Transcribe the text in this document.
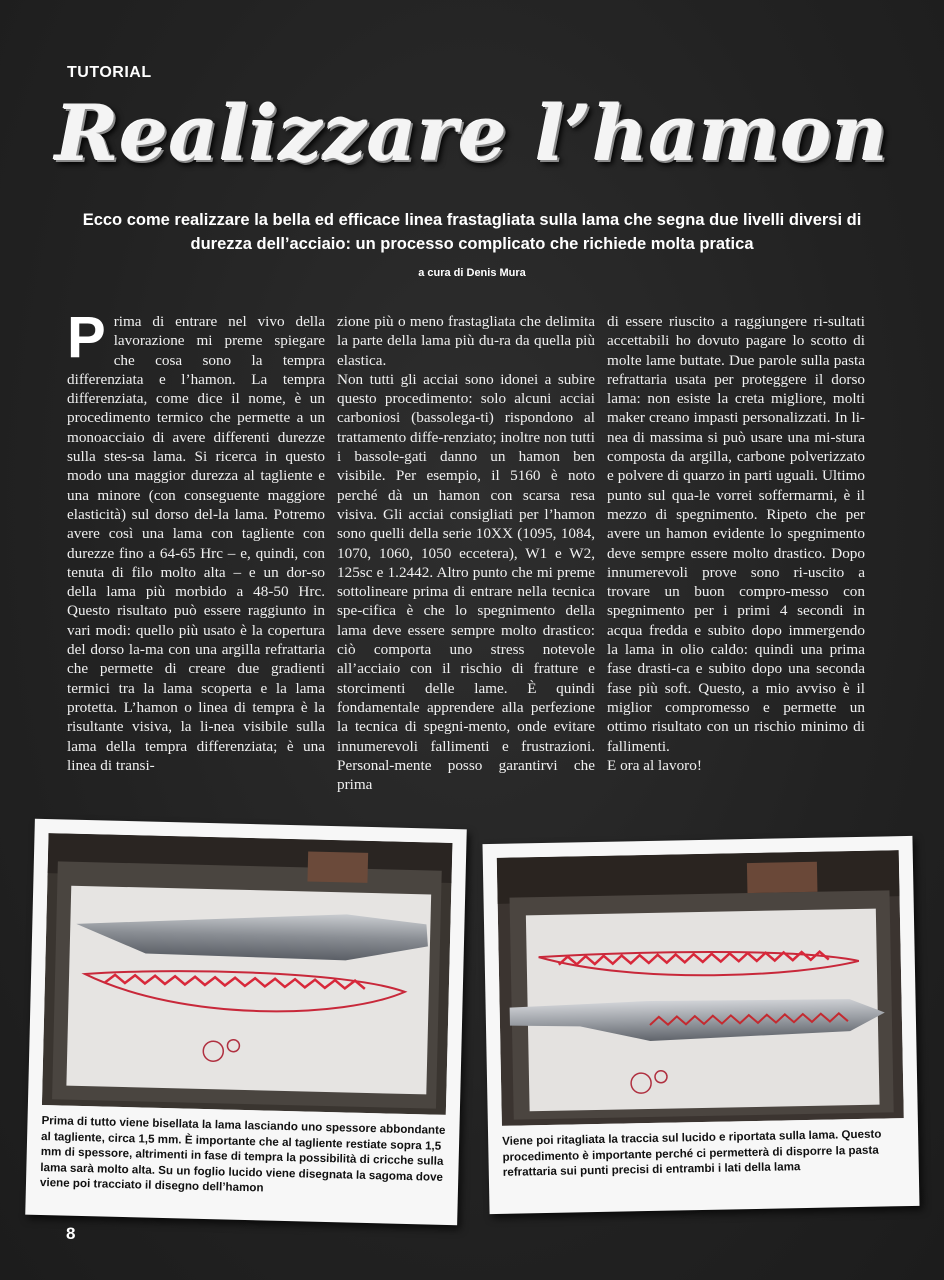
TUTORIAL
Realizzare l’hamon
Ecco come realizzare la bella ed efficace linea frastagliata sulla lama che segna due livelli diversi di durezza dell’acciaio: un processo complicato che richiede molta pratica
a cura di Denis Mura
Prima di entrare nel vivo della lavorazione mi preme spiegare che cosa sono la tempra differenziata e l’hamon. La tempra differenziata, come dice il nome, è un procedimento termico che permette a un monoacciaio di avere differenti durezze sulla stes-sa lama. Si ricerca in questo modo una maggior durezza al tagliente e una minore (con conseguente maggiore elasticità) sul dorso del-la lama. Potremo avere così una lama con tagliente con durezze fino a 64-65 Hrc – e, quindi, con tenuta di filo molto alta – e un dor-so della lama più morbido a 48-50 Hrc. Questo risultato può essere raggiunto in vari modi: quello più usato è la copertura del dorso la-ma con una argilla refrattaria che permette di creare due gradienti termici tra la lama scoperta e la lama protetta. L’hamon o linea di tempra è la risultante visiva, la li-nea visibile sulla lama della tempra differenziata; è una linea di transi-
zione più o meno frastagliata che delimita la parte della lama più du-ra da quella più elastica.
Non tutti gli acciai sono idonei a subire questo procedimento: solo alcuni acciai carboniosi (bassolega-ti) rispondono al trattamento diffe-renziato; inoltre non tutti i bassole-gati danno un hamon ben visibile. Per esempio, il 5160 è noto perché dà un hamon con scarsa resa visiva. Gli acciai consigliati per l’hamon sono quelli della serie 10XX (1095, 1084, 1070, 1060, 1050 eccetera), W1 e W2, 125sc e 1.2442. Altro punto che mi preme sottolineare prima di entrare nella tecnica spe-cifica è che lo spegnimento della lama deve essere sempre molto drastico: ciò comporta uno stress notevole all’acciaio con il rischio di fratture e storcimenti delle lame. È quindi fondamentale apprendere alla perfezione la tecnica di spegni-mento, onde evitare innumerevoli fallimenti e frustrazioni. Personal-mente posso garantirvi che prima
di essere riuscito a raggiungere ri-sultati accettabili ho dovuto pagare lo scotto di molte lame buttate. Due parole sulla pasta refrattaria usata per proteggere il dorso lama: non esiste la creta migliore, molti maker creano impasti personalizzati. In li-nea di massima si può usare una mi-stura composta da argilla, carbone polverizzato e polvere di quarzo in parti uguali. Ultimo punto sul qua-le vorrei soffermarmi, è il mezzo di spegnimento. Ripeto che per avere un hamon evidente lo spegnimento deve sempre essere molto drastico. Dopo innumerevoli prove sono ri-uscito a trovare un buon compro-messo con spegnimento per i primi 4 secondi in acqua fredda e subito dopo immergendo la lama in olio caldo: quindi una prima fase drasti-ca e subito dopo una seconda fase più soft. Questo, a mio avviso è il miglior compromesso e permette un ottimo risultato con un rischio minimo di fallimenti.
E ora al lavoro!
Prima di tutto viene bisellata la lama lasciando uno spessore abbondante al tagliente, circa 1,5 mm. È importante che al tagliente restiate sopra 1,5 mm di spessore, altrimenti in fase di tempra la possibilità di cricche sulla lama sarà molto alta. Su un foglio lucido viene disegnata la sagoma dove viene poi tracciato il disegno dell’hamon
Viene poi ritagliata la traccia sul lucido e riportata sulla lama. Questo procedimento è importante perché ci permetterà di disporre la pasta refrattaria sui punti precisi di entrambi i lati della lama
8
